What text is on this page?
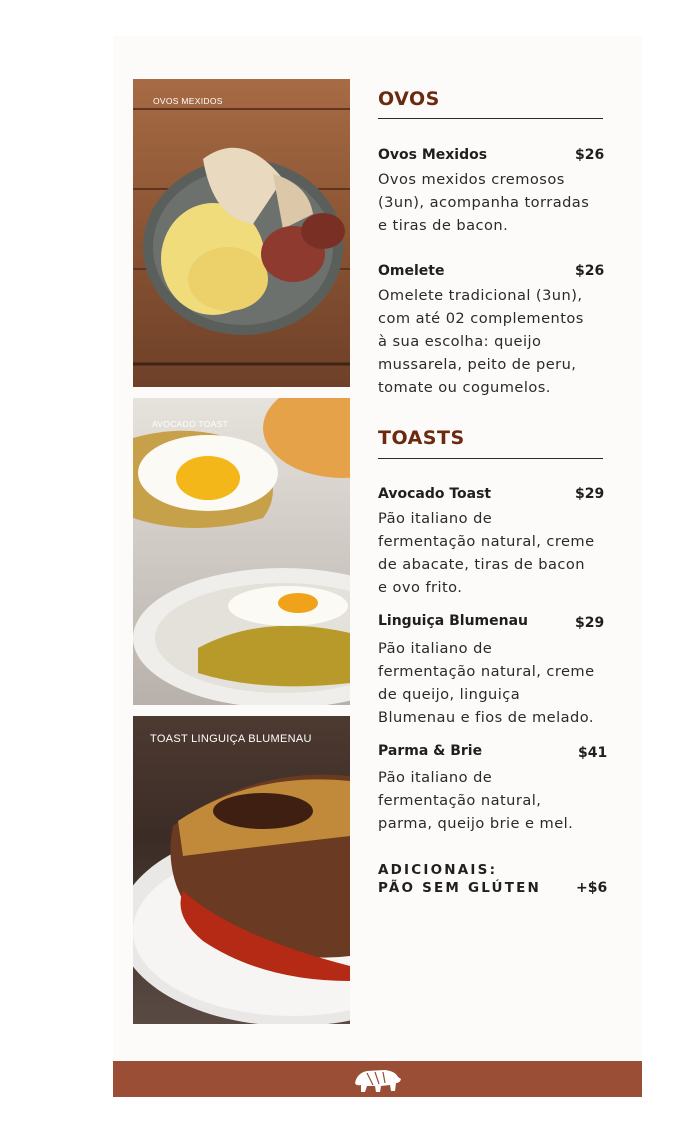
OVOS MEXIDOS
AVOCADO TOAST
TOAST LINGUIÇA BLUMENAU
OVOS
Ovos Mexidos	$26
Ovos mexidos cremosos
(3un), acompanha torradas
e tiras de bacon.
Omelete	$26
Omelete tradicional (3un),
com até 02 complementos
à sua escolha: queijo
mussarela, peito de peru,
tomate ou cogumelos.
TOASTS
Avocado Toast	$29
Pão italiano de
fermentação natural, creme
de abacate, tiras de bacon
e ovo frito.
Linguiça Blumenau	$29
Pão italiano de
fermentação natural, creme
de queijo, linguiça
Blumenau e fios de melado.
Parma & Brie	$41
Pão italiano de
fermentação natural,
parma, queijo brie e mel.
ADICIONAIS:
PÃO SEM GLÚTEN +$6
